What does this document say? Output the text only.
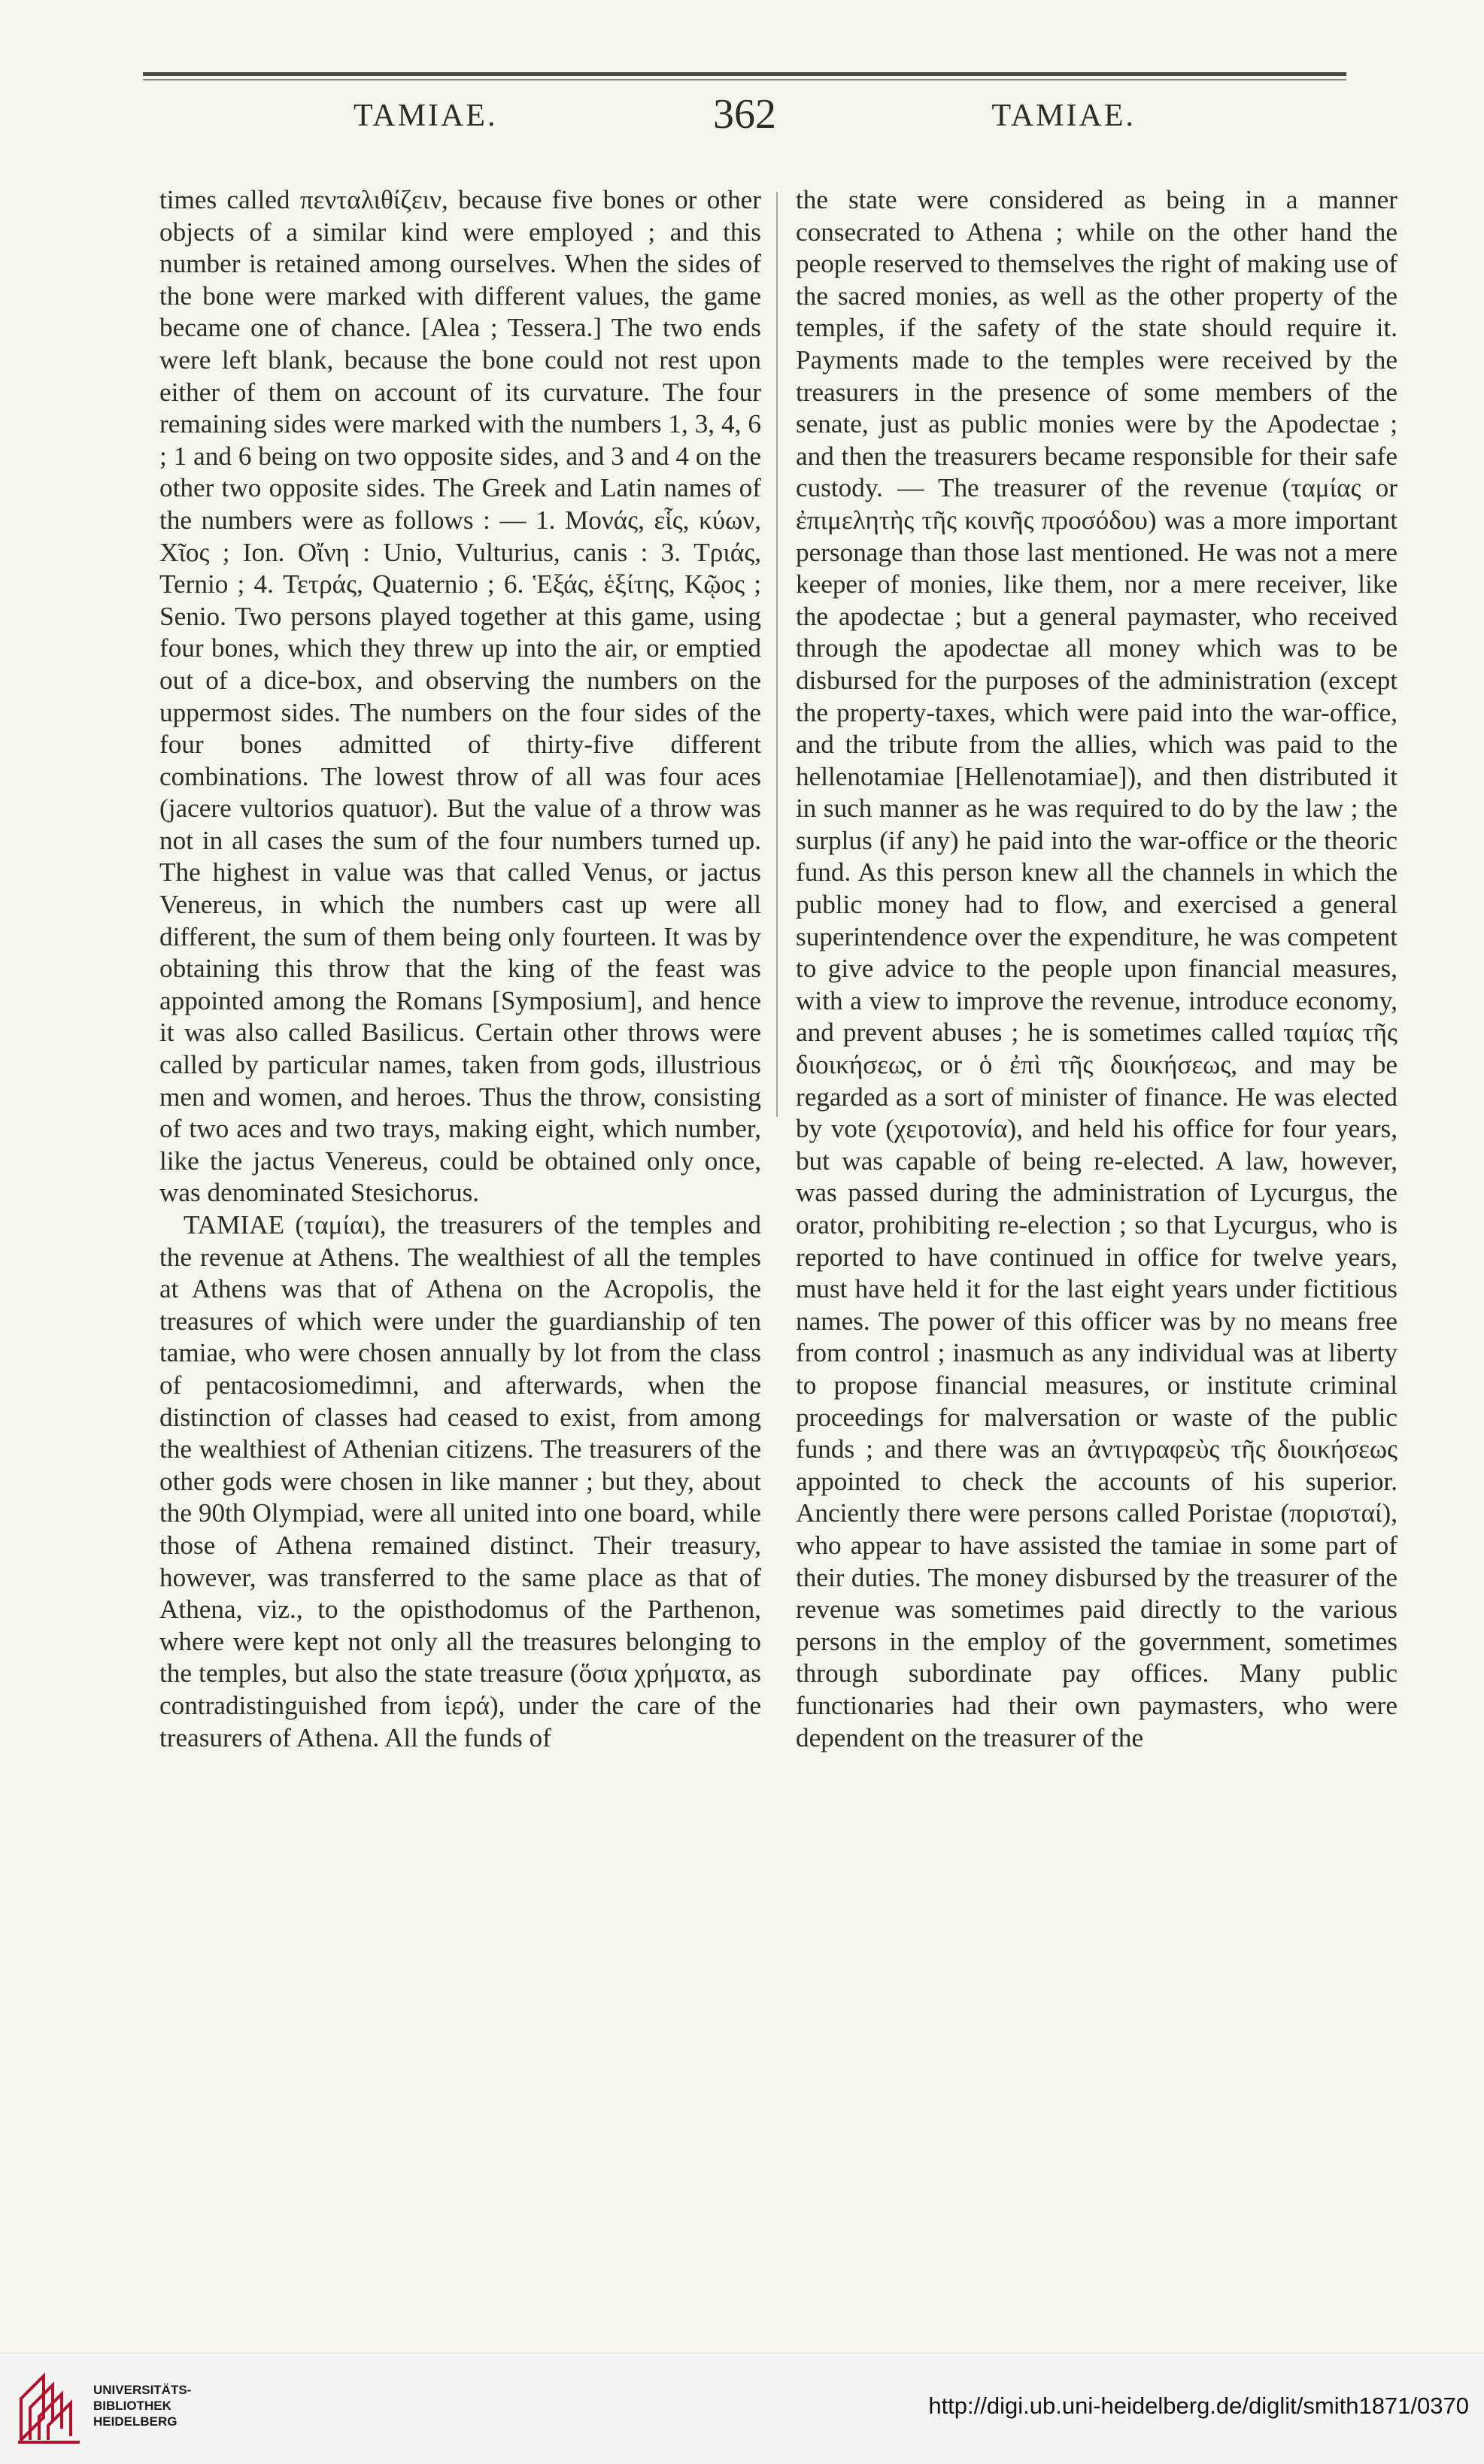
TAMIAE.	362	TAMIAE.

times called πενταλιθίζειν, because five bones or other objects of a similar kind were employed ; and this number is retained among ourselves. When the sides of the bone were marked with different values, the game became one of chance. [Alea ; Tessera.] The two ends were left blank, because the bone could not rest upon either of them on account of its curvature. The four remaining sides were marked with the numbers 1, 3, 4, 6 ; 1 and 6 being on two opposite sides, and 3 and 4 on the other two opposite sides. The Greek and Latin names of the numbers were as follows : — 1. Μονάς, εἷς, κύων, Χῖος ; Ion. Οἴνη : Unio, Vulturius, canis : 3. Τριάς, Ternio ; 4. Τετράς, Quaternio ; 6. Ἑξάς, ἑξίτης, Κῷος ; Senio. Two persons played together at this game, using four bones, which they threw up into the air, or emptied out of a dice-box, and observing the numbers on the uppermost sides. The numbers on the four sides of the four bones admitted of thirty-five different combinations. The lowest throw of all was four aces (jacere vultorios quatuor). But the value of a throw was not in all cases the sum of the four numbers turned up. The highest in value was that called Venus, or jactus Venereus, in which the numbers cast up were all different, the sum of them being only fourteen. It was by obtaining this throw that the king of the feast was appointed among the Romans [Symposium], and hence it was also called Basilicus. Certain other throws were called by particular names, taken from gods, illustrious men and women, and heroes. Thus the throw, consisting of two aces and two trays, making eight, which number, like the jactus Venereus, could be obtained only once, was denominated Stesichorus.

TAMIAE (ταμίαι), the treasurers of the temples and the revenue at Athens. The wealthiest of all the temples at Athens was that of Athena on the Acropolis, the treasures of which were under the guardianship of ten tamiae, who were chosen annually by lot from the class of pentacosiomedimni, and afterwards, when the distinction of classes had ceased to exist, from among the wealthiest of Athenian citizens. The treasurers of the other gods were chosen in like manner ; but they, about the 90th Olympiad, were all united into one board, while those of Athena remained distinct. Their treasury, however, was transferred to the same place as that of Athena, viz., to the opisthodomus of the Parthenon, where were kept not only all the treasures belonging to the temples, but also the state treasure (ὅσια χρήματα, as contradistinguished from ἱερά), under the care of the treasurers of Athena. All the funds of

the state were considered as being in a manner consecrated to Athena ; while on the other hand the people reserved to themselves the right of making use of the sacred monies, as well as the other property of the temples, if the safety of the state should require it. Payments made to the temples were received by the treasurers in the presence of some members of the senate, just as public monies were by the Apodectae ; and then the treasurers became responsible for their safe custody. — The treasurer of the revenue (ταμίας or ἐπιμελητὴς τῆς κοινῆς προσόδου) was a more important personage than those last mentioned. He was not a mere keeper of monies, like them, nor a mere receiver, like the apodectae ; but a general paymaster, who received through the apodectae all money which was to be disbursed for the purposes of the administration (except the property-taxes, which were paid into the war-office, and the tribute from the allies, which was paid to the hellenotamiae [Hellenotamiae]), and then distributed it in such manner as he was required to do by the law ; the surplus (if any) he paid into the war-office or the theoric fund. As this person knew all the channels in which the public money had to flow, and exercised a general superintendence over the expenditure, he was competent to give advice to the people upon financial measures, with a view to improve the revenue, introduce economy, and prevent abuses ; he is sometimes called ταμίας τῆς διοικήσεως, or ὁ ἐπὶ τῆς διοικήσεως, and may be regarded as a sort of minister of finance. He was elected by vote (χειροτονία), and held his office for four years, but was capable of being re-elected. A law, however, was passed during the administration of Lycurgus, the orator, prohibiting re-election ; so that Lycurgus, who is reported to have continued in office for twelve years, must have held it for the last eight years under fictitious names. The power of this officer was by no means free from control ; inasmuch as any individual was at liberty to propose financial measures, or institute criminal proceedings for malversation or waste of the public funds ; and there was an ἀντιγραφεὺς τῆς διοικήσεως appointed to check the accounts of his superior. Anciently there were persons called Poristae (πορισταί), who appear to have assisted the tamiae in some part of their duties. The money disbursed by the treasurer of the revenue was sometimes paid directly to the various persons in the employ of the government, sometimes through subordinate pay offices. Many public functionaries had their own paymasters, who were dependent on the treasurer of the

UNIVERSITÄTS-
BIBLIOTHEK
HEIDELBERG
http://digi.ub.uni-heidelberg.de/diglit/smith1871/0370
